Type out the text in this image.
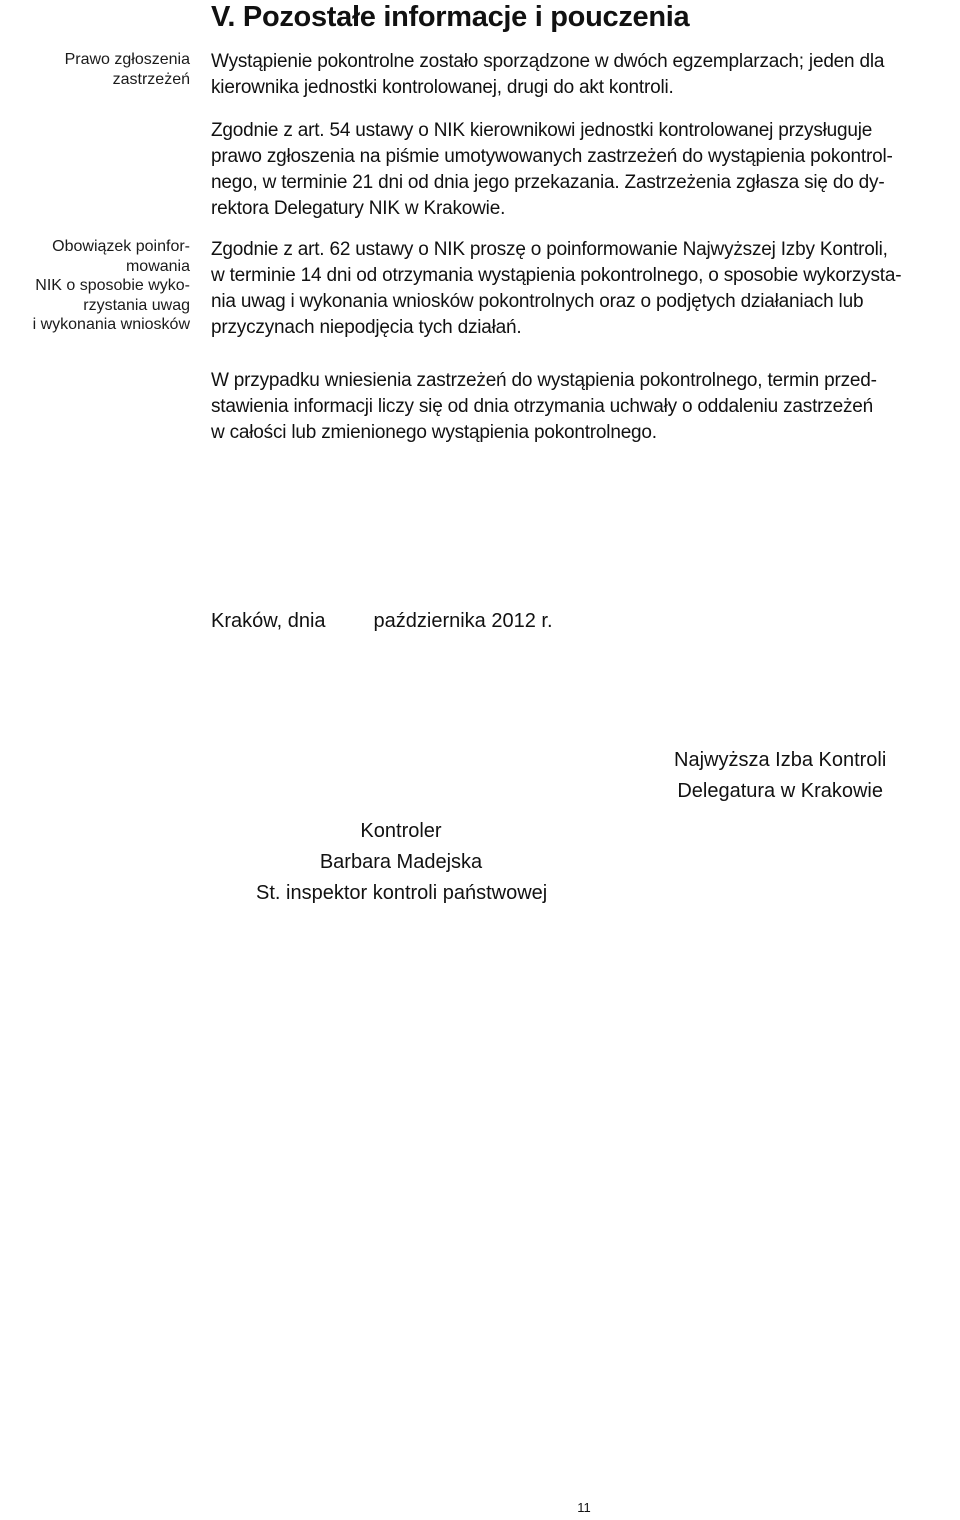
V. Pozostałe informacje i pouczenia
Prawo zgłoszenia
zastrzeżeń
Obowiązek poinfor-
mowania
NIK o sposobie wyko-
rzystania uwag
i wykonania wniosków

Wystąpienie pokontrolne zostało sporządzone w dwóch egzemplarzach; jeden dla
kierownika jednostki kontrolowanej, drugi do akt kontroli.

Zgodnie z art. 54 ustawy o NIK kierownikowi jednostki kontrolowanej przysługuje
prawo zgłoszenia na piśmie umotywowanych zastrzeżeń do wystąpienia pokontrol-
nego, w terminie 21 dni od dnia jego przekazania. Zastrzeżenia zgłasza się do dy-
rektora Delegatury NIK w Krakowie.

Zgodnie z art. 62 ustawy o NIK proszę o poinformowanie Najwyższej Izby Kontroli,
w terminie 14 dni od otrzymania wystąpienia pokontrolnego, o sposobie wykorzysta-
nia uwag i wykonania wniosków pokontrolnych oraz o podjętych działaniach lub
przyczynach niepodjęcia tych działań.

W przypadku wniesienia zastrzeżeń do wystąpienia pokontrolnego, termin przed-
stawienia informacji liczy się od dnia otrzymania uchwały o oddaleniu zastrzeżeń
w całości lub zmienionego wystąpienia pokontrolnego.

Kraków, dnia października 2012 r.
Najwyższa Izba Kontroli
Delegatura w Krakowie
Kontroler
Barbara Madejska
St. inspektor kontroli państwowej
11
